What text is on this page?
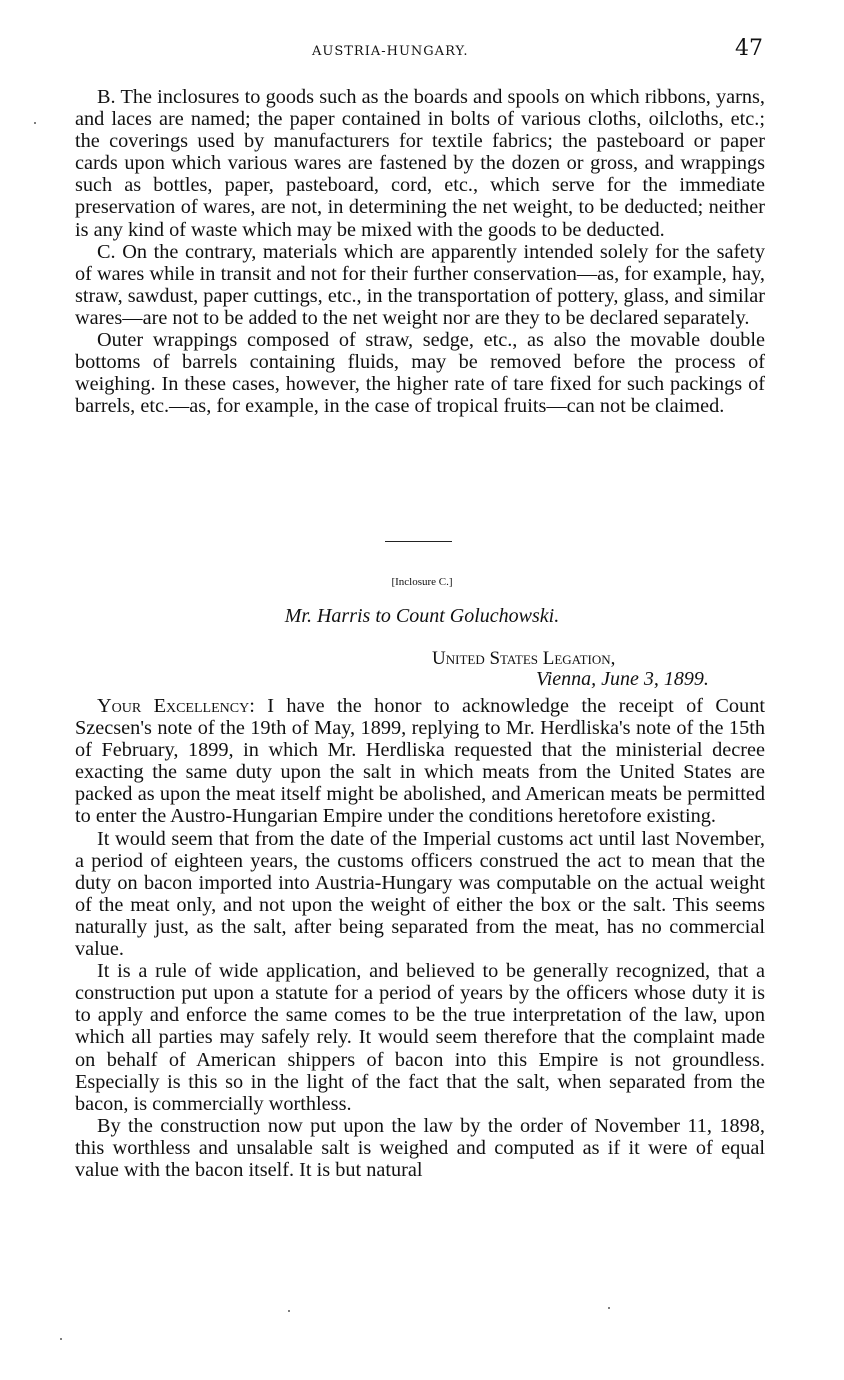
AUSTRIA-HUNGARY.	47

B. The inclosures to goods such as the boards and spools on which ribbons, yarns, and laces are named; the paper contained in bolts of various cloths, oilcloths, etc.; the coverings used by manufacturers for textile fabrics; the pasteboard or paper cards upon which various wares are fastened by the dozen or gross, and wrappings such as bottles, paper, pasteboard, cord, etc., which serve for the immediate preservation of wares, are not, in determining the net weight, to be deducted; neither is any kind of waste which may be mixed with the goods to be deducted.

C. On the contrary, materials which are apparently intended solely for the safety of wares while in transit and not for their further conservation—as, for example, hay, straw, sawdust, paper cuttings, etc., in the transportation of pottery, glass, and similar wares—are not to be added to the net weight nor are they to be declared separately.

Outer wrappings composed of straw, sedge, etc., as also the movable double bottoms of barrels containing fluids, may be removed before the process of weighing. In these cases, however, the higher rate of tare fixed for such packings of barrels, etc.—as, for example, in the case of tropical fruits—can not be claimed.

[Inclosure C.]
Mr. Harris to Count Goluchowski.
United States Legation,
Vienna, June 3, 1899.

Your Excellency: I have the honor to acknowledge the receipt of Count Szecsen's note of the 19th of May, 1899, replying to Mr. Herdliska's note of the 15th of February, 1899, in which Mr. Herdliska requested that the ministerial decree exacting the same duty upon the salt in which meats from the United States are packed as upon the meat itself might be abolished, and American meats be permitted to enter the Austro-Hungarian Empire under the conditions heretofore existing.

It would seem that from the date of the Imperial customs act until last November, a period of eighteen years, the customs officers construed the act to mean that the duty on bacon imported into Austria-Hungary was computable on the actual weight of the meat only, and not upon the weight of either the box or the salt. This seems naturally just, as the salt, after being separated from the meat, has no commercial value.

It is a rule of wide application, and believed to be generally recognized, that a construction put upon a statute for a period of years by the officers whose duty it is to apply and enforce the same comes to be the true interpretation of the law, upon which all parties may safely rely. It would seem therefore that the complaint made on behalf of American shippers of bacon into this Empire is not groundless. Especially is this so in the light of the fact that the salt, when separated from the bacon, is commercially worthless.

By the construction now put upon the law by the order of November 11, 1898, this worthless and unsalable salt is weighed and computed as if it were of equal value with the bacon itself. It is but natural
